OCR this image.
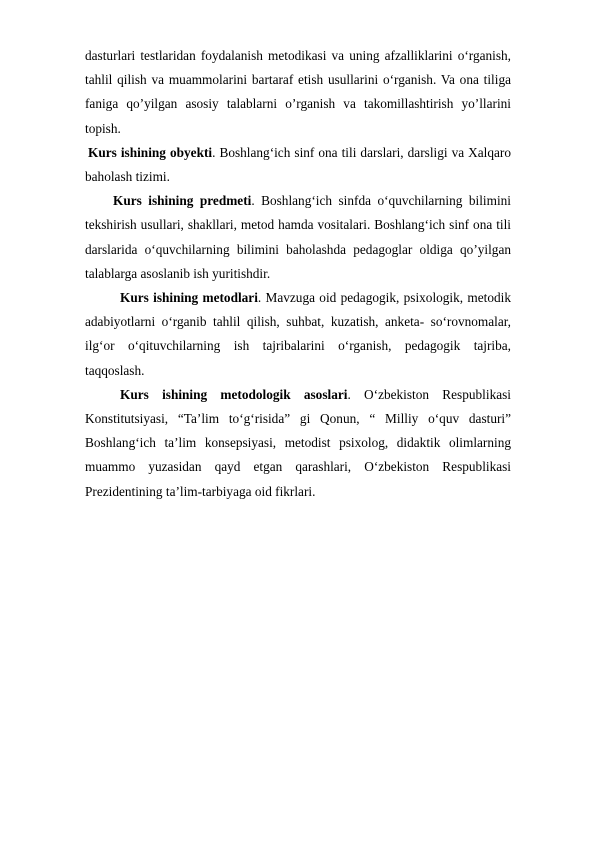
dasturlari testlaridan foydalanish metodikasi va uning afzalliklarini o‘rganish, tahlil qilish va muammolarini bartaraf etish usullarini o‘rganish. Va ona tiliga faniga qo’yilgan asosiy talablarni o’rganish va takomillashtirish yo’llarini topish.

Kurs ishining obyekti. Boshlang‘ich sinf ona tili darslari, darsligi va Xalqaro baholash tizimi.

Kurs ishining predmeti. Boshlang‘ich sinfda o‘quvchilarning bilimini tekshirish usullari, shakllari, metod hamda vositalari. Boshlang‘ich sinf ona tili darslarida o‘quvchilarning bilimini baholashda pedagoglar oldiga qo’yilgan talablarga asoslanib ish yuritishdir.

Kurs ishining metodlari. Mavzuga oid pedagogik, psixologik, metodik adabiyotlarni o‘rganib tahlil qilish, suhbat, kuzatish, anketa- so‘rovnomalar, ilg‘or o‘qituvchilarning ish tajribalarini o‘rganish, pedagogik tajriba, taqqoslash.

Kurs ishining metodologik asoslari. O‘zbekiston Respublikasi Konstitutsiyasi, “Ta’lim to‘g‘risida” gi Qonun, “ Milliy o‘quv dasturi” Boshlang‘ich ta’lim konsepsiyasi, metodist psixolog, didaktik olimlarning muammo yuzasidan qayd etgan qarashlari, O‘zbekiston Respublikasi Prezidentining ta’lim-tarbiyaga oid fikrlari.
